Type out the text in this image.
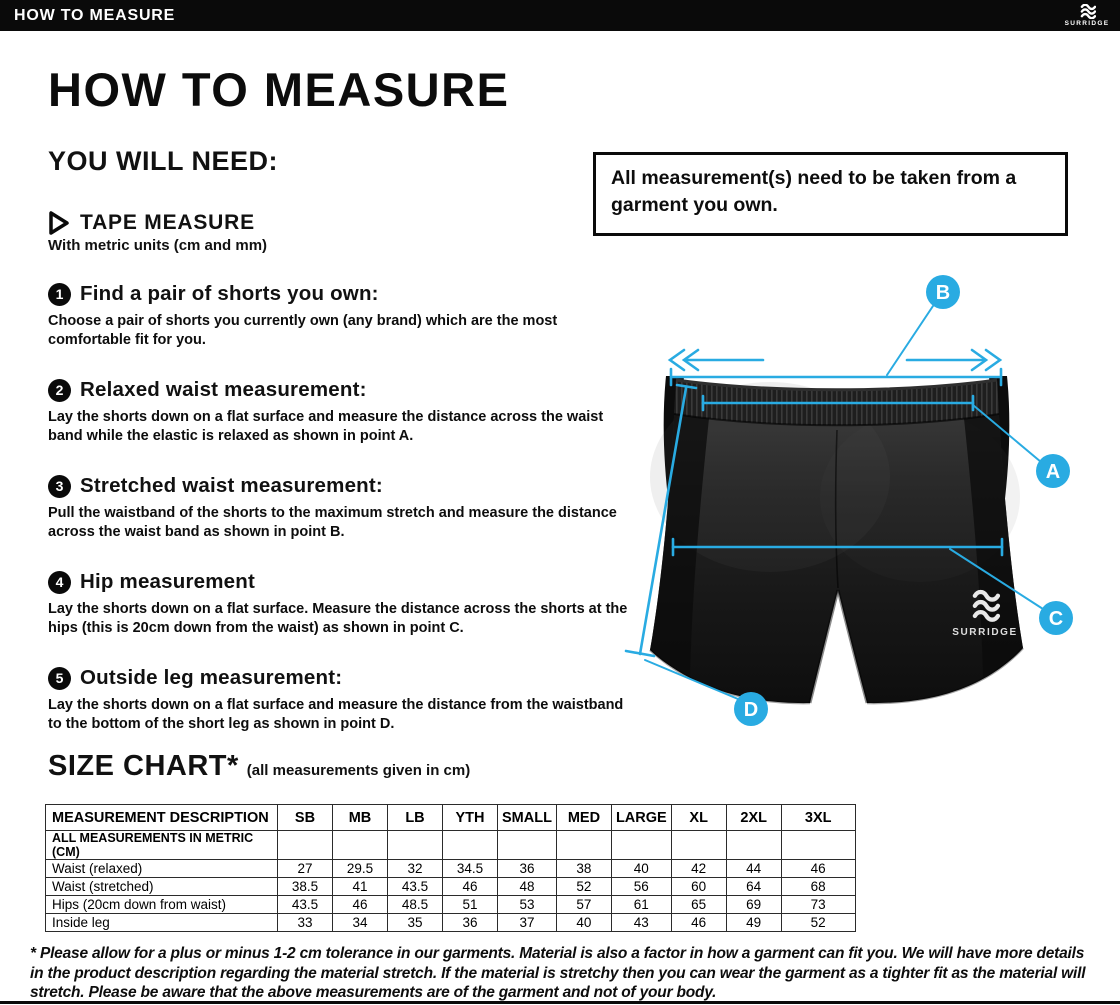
HOW TO MEASURE	SURRIDGE
HOW TO MEASURE
YOU WILL NEED:
TAPE MEASURE
With metric units (cm and mm)
All measurement(s) need to be taken from a garment you own.
1 Find a pair of shorts you own:
Choose a pair of shorts you currently own (any brand) which are the most comfortable fit for you.
2 Relaxed waist measurement:
Lay the shorts down on a flat surface and measure the distance across the waist band while the elastic is relaxed as shown in point A.
3 Stretched waist measurement:
Pull the waistband of the shorts to the maximum stretch and measure the distance across the waist band as shown in point B.
4 Hip measurement
Lay the shorts down on a flat surface. Measure the distance across the shorts at the hips (this is 20cm down from the waist) as shown in point C.
5 Outside leg measurement:
Lay the shorts down on a flat surface and measure the distance from the waistband to the bottom of the short leg as shown in point D.
SURRIDGE
B
A
C
D
SIZE CHART* (all measurements given in cm)
MEASUREMENT DESCRIPTION	SB	MB	LB	YTH	SMALL	MED	LARGE	XL	2XL	3XL
ALL MEASUREMENTS IN METRIC (CM)										
Waist (relaxed)	27	29.5	32	34.5	36	38	40	42	44	46
Waist (stretched)	38.5	41	43.5	46	48	52	56	60	64	68
Hips (20cm down from waist)	43.5	46	48.5	51	53	57	61	65	69	73
Inside leg	33	34	35	36	37	40	43	46	49	52

* Please allow for a plus or minus 1-2 cm tolerance in our garments. Material is also a factor in how a garment can fit you. We will have more details in the product description regarding the material stretch. If the material is stretchy then you can wear the garment as a tighter fit as the material will stretch. Please be aware that the above measurements are of the garment and not of your body.
